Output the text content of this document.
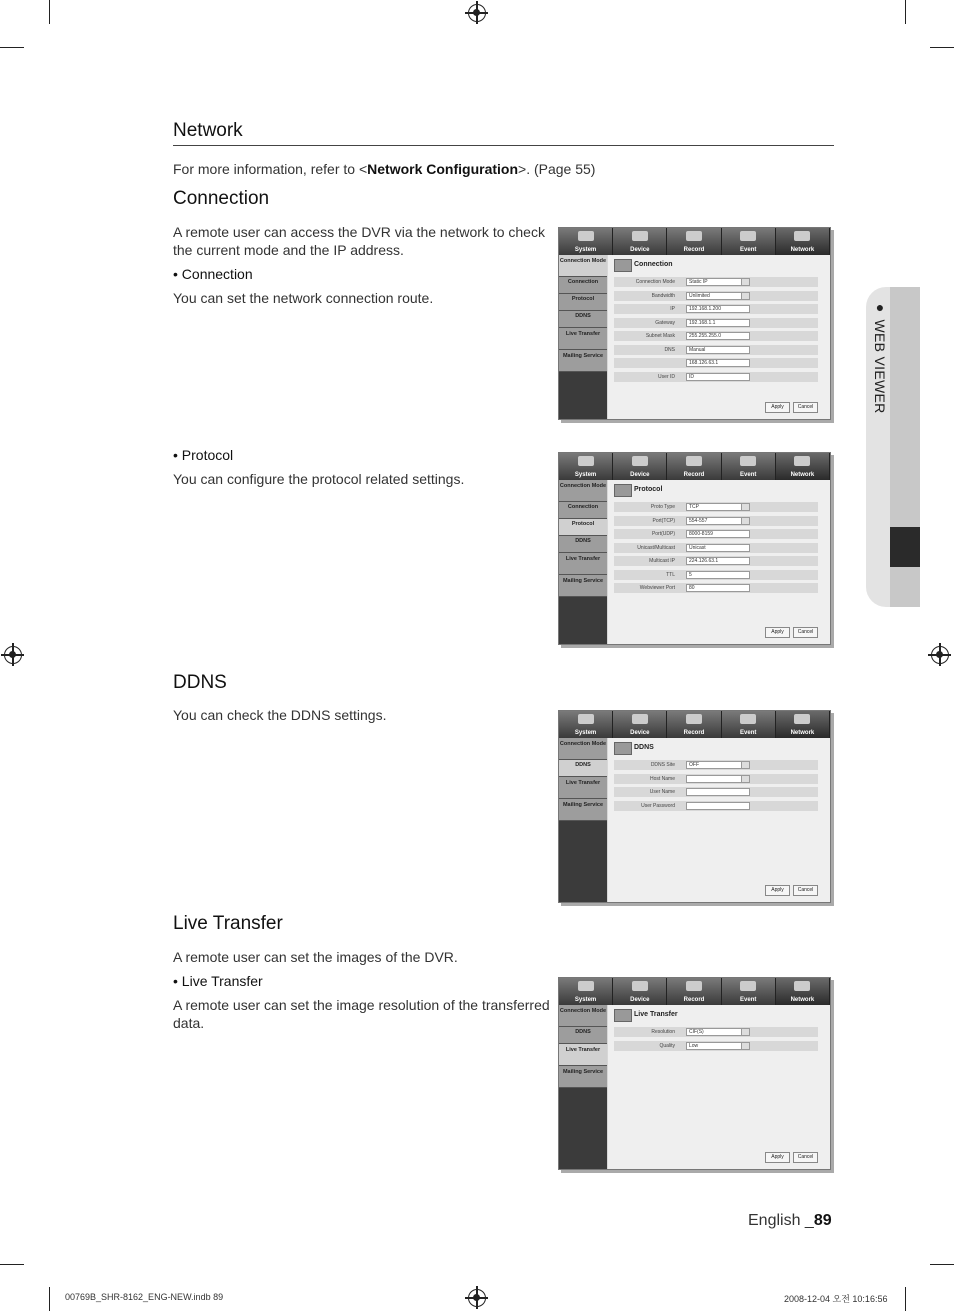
Network
For more information, refer to <Network Configuration>. (Page 55)
Connection
A remote user can access the DVR via the network to check
the current mode and the IP address.
• Connection
You can set the network connection route.
• Protocol
You can configure the protocol related settings.
DDNS
You can check the DDNS settings.
Live Transfer
A remote user can set the images of the DVR.
• Live Transfer
A remote user can set the image resolution of the transferred
data.
● WEB VIEWER
System	Device	Record	Event	Network
Connection Mode
Connection
Protocol
DDNS
Live Transfer
Mailing Service
Connection
Connection Mode	Static IP
Bandwidth	Unlimited
IP	192.168.1.200
Gateway	192.168.1.1
Subnet Mask	255.255.255.0
DNS	Manual
168.126.63.1
User ID	ID
Apply	Cancel
System	Device	Record	Event	Network
Connection Mode
Connection
Protocol
DDNS
Live Transfer
Mailing Service
Protocol
Proto Type	TCP
Port(TCP)	554-557
Port(UDP)	8000-8159
Unicast/Multicast	Unicast
Multicast IP	224.126.63.1
TTL	5
Webviewer Port	80
Apply	Cancel
System	Device	Record	Event	Network
Connection Mode
DDNS
Live Transfer
Mailing Service
DDNS
DDNS Site	OFF
Host Name
User Name
User Password
Apply	Cancel
System	Device	Record	Event	Network
Connection Mode
DDNS
Live Transfer
Mailing Service
Live Transfer
Resolution	CIF(S)
Quality	Low
Apply	Cancel
English _89
00769B_SHR-8162_ENG-NEW.indb 89	2008-12-04 오전 10:16:56
